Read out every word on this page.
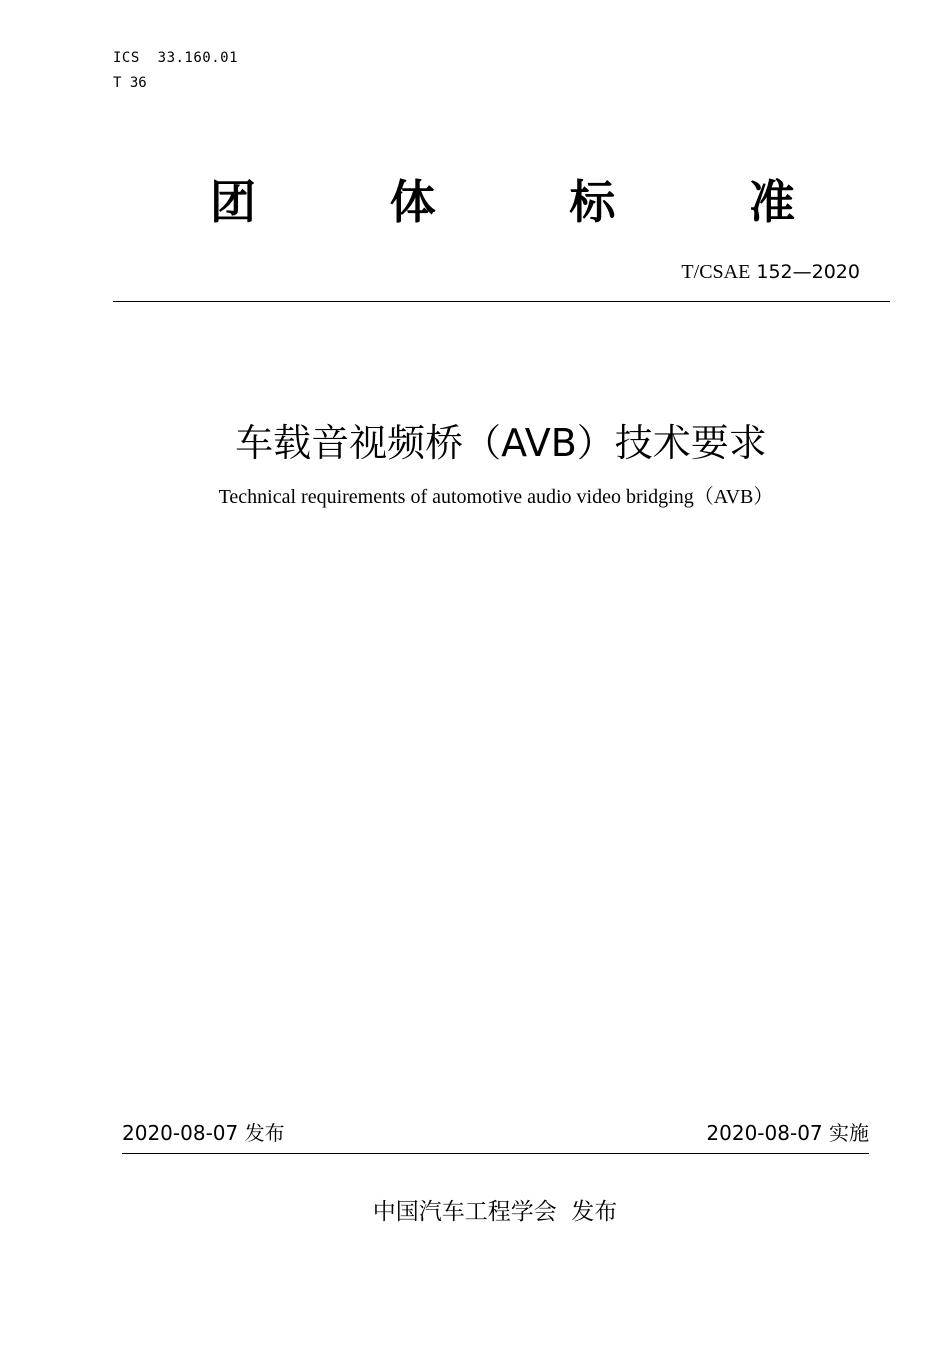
ICS  33.160.01
T 36
团	体	标	准
T/CSAE 152—2020
车载音视频桥（AVB）技术要求
Technical requirements of automotive audio video bridging（AVB）
2020-08-07 发布	2020-08-07 实施
中国汽车工程学会  发布
